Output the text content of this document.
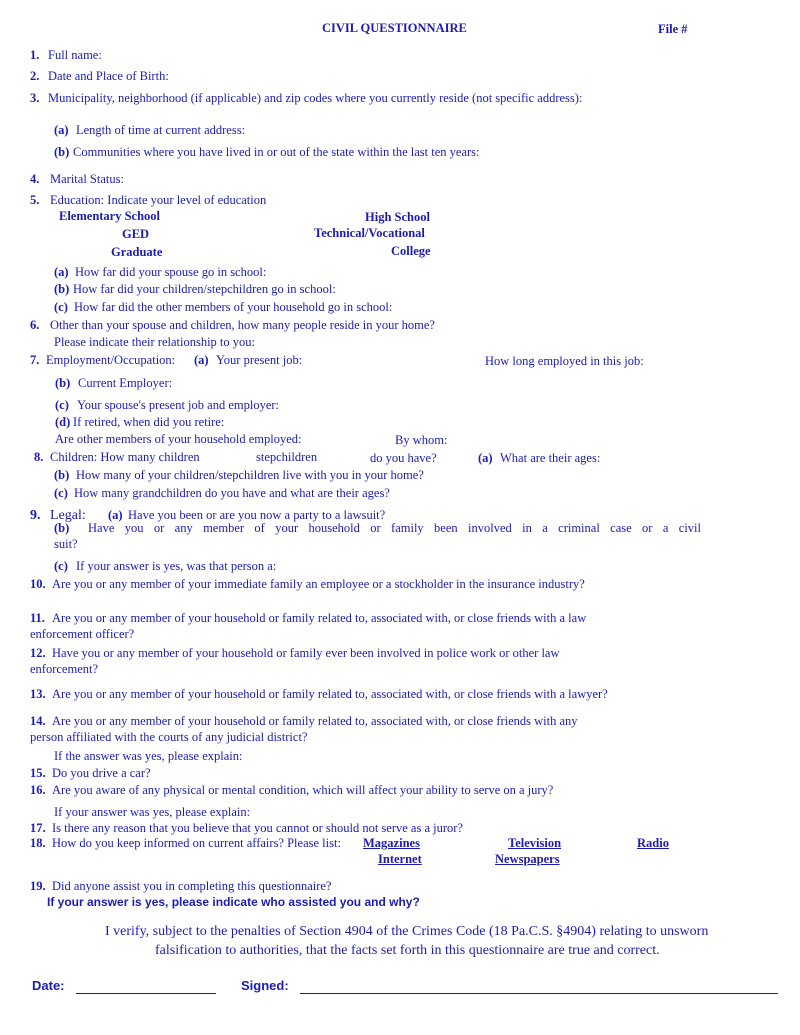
CIVIL QUESTIONNAIRE	File #
1. Full name:
2. Date and Place of Birth:
3. Municipality, neighborhood (if applicable) and zip codes where you currently reside (not specific address):
(a) Length of time at current address:
(b) Communities where you have lived in or out of the state within the last ten years:
4. Marital Status:
5. Education: Indicate your level of education
Elementary School	High School
GED	Technical/Vocational
Graduate	College
(a) How far did your spouse go in school:
(b) How far did your children/stepchildren go in school:
(c) How far did the other members of your household go in school:
6. Other than your spouse and children, how many people reside in your home?
Please indicate their relationship to you:
7. Employment/Occupation: (a) Your present job:	How long employed in this job:
(b) Current Employer:
(c) Your spouse's present job and employer:
(d) If retired, when did you retire:
Are other members of your household employed:	By whom:
8. Children: How many children	stepchildren	do you have?	(a) What are their ages:
(b) How many of your children/stepchildren live with you in your home?
(c) How many grandchildren do you have and what are their ages?
9. Legal: (a) Have you been or are you now a party to a lawsuit?
(b) Have you or any member of your household or family been involved in a criminal case or a civil
suit?
(c) If your answer is yes, was that person a:
10. Are you or any member of your immediate family an employee or a stockholder in the insurance industry?
11. Are you or any member of your household or family related to, associated with, or close friends with a law
enforcement officer?
12. Have you or any member of your household or family ever been involved in police work or other law
enforcement?
13. Are you or any member of your household or family related to, associated with, or close friends with a lawyer?
14. Are you or any member of your household or family related to, associated with, or close friends with any
person affiliated with the courts of any judicial district?
If the answer was yes, please explain:
15. Do you drive a car?
16. Are you aware of any physical or mental condition, which will affect your ability to serve on a jury?
If your answer was yes, please explain:
17. Is there any reason that you believe that you cannot or should not serve as a juror?
18. How do you keep informed on current affairs? Please list: Magazines	Television	Radio
Internet	Newspapers
19. Did anyone assist you in completing this questionnaire?
If your answer is yes, please indicate who assisted you and why?
I verify, subject to the penalties of Section 4904 of the Crimes Code (18 Pa.C.S. §4904) relating to unsworn
falsification to authorities, that the facts set forth in this questionnaire are true and correct.
Date:	Signed:
